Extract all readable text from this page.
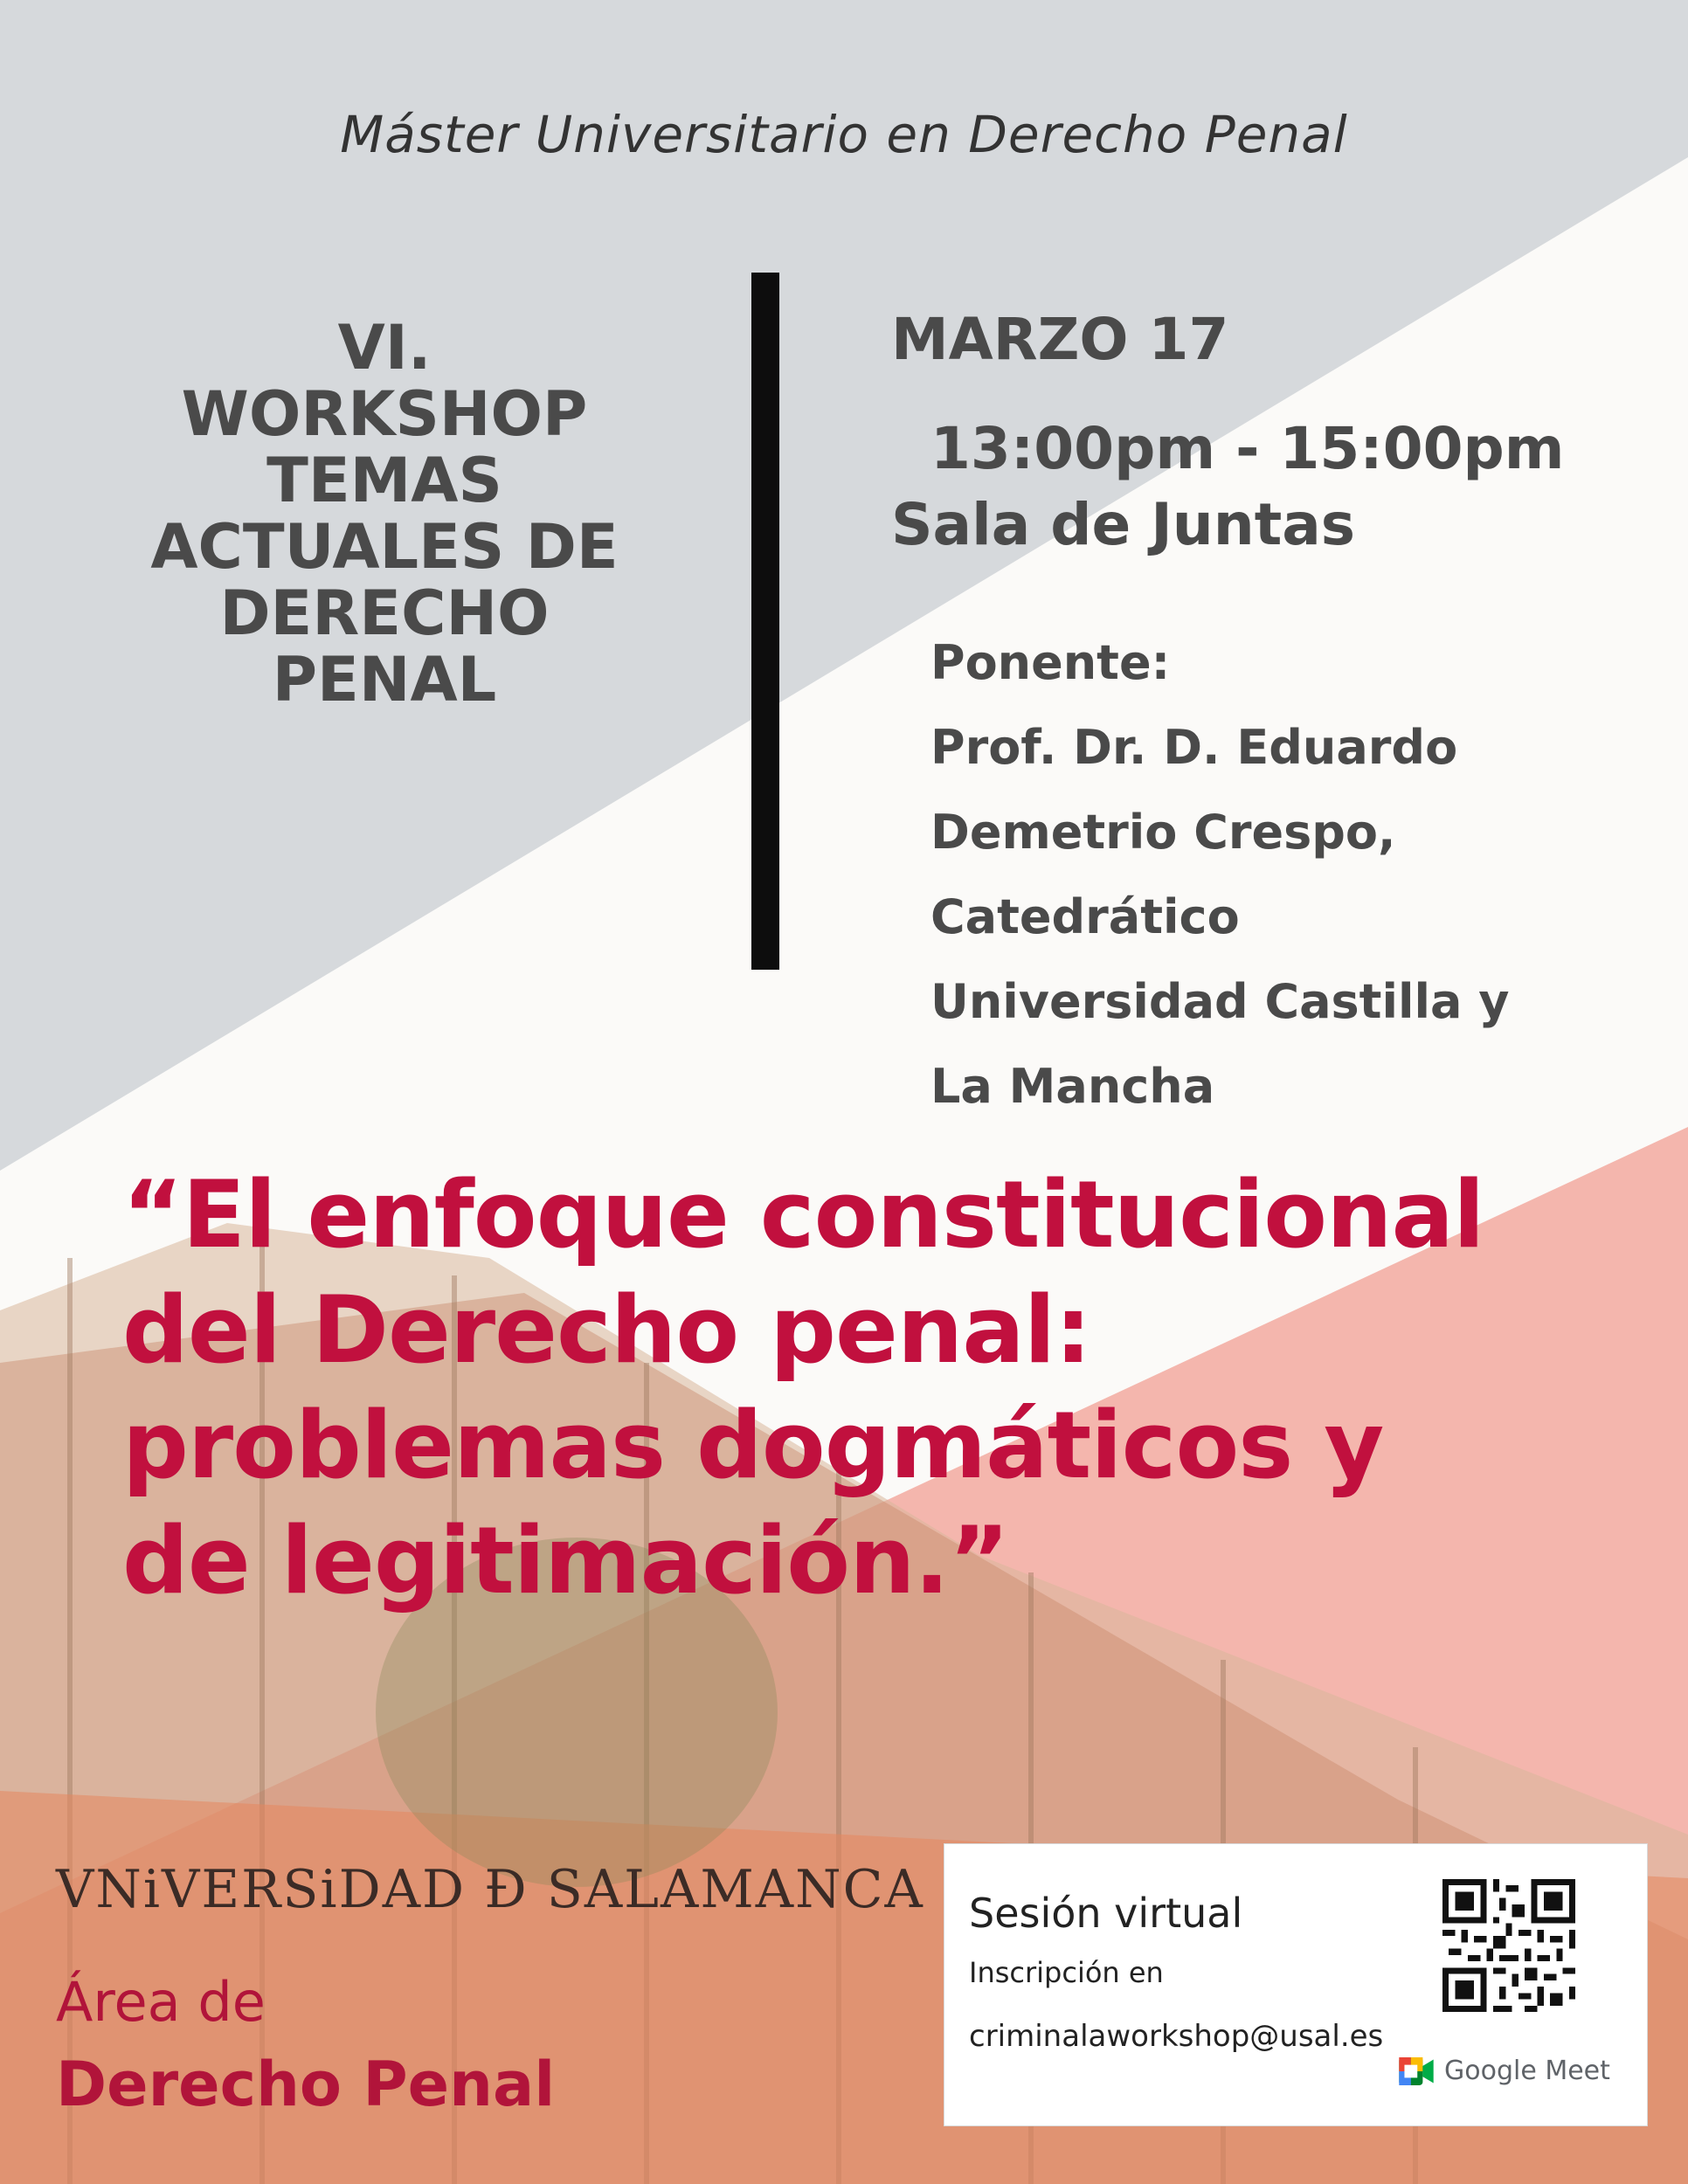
Máster Universitario en Derecho Penal
VI.
WORKSHOP
TEMAS
ACTUALES DE
DERECHO
PENAL
MARZO 17
13:00pm - 15:00pm
Sala de Juntas
Ponente:
Prof. Dr. D. Eduardo
Demetrio Crespo,
Catedrático
Universidad Castilla y
La Mancha
“El enfoque constitucional
del Derecho penal:
problemas dogmáticos y
de legitimación.”
VNiVERSiDAD Ð SALAMANCA
Área de
Derecho Penal
Sesión virtual
Inscripción en
criminalaworkshop@usal.es
Google Meet
